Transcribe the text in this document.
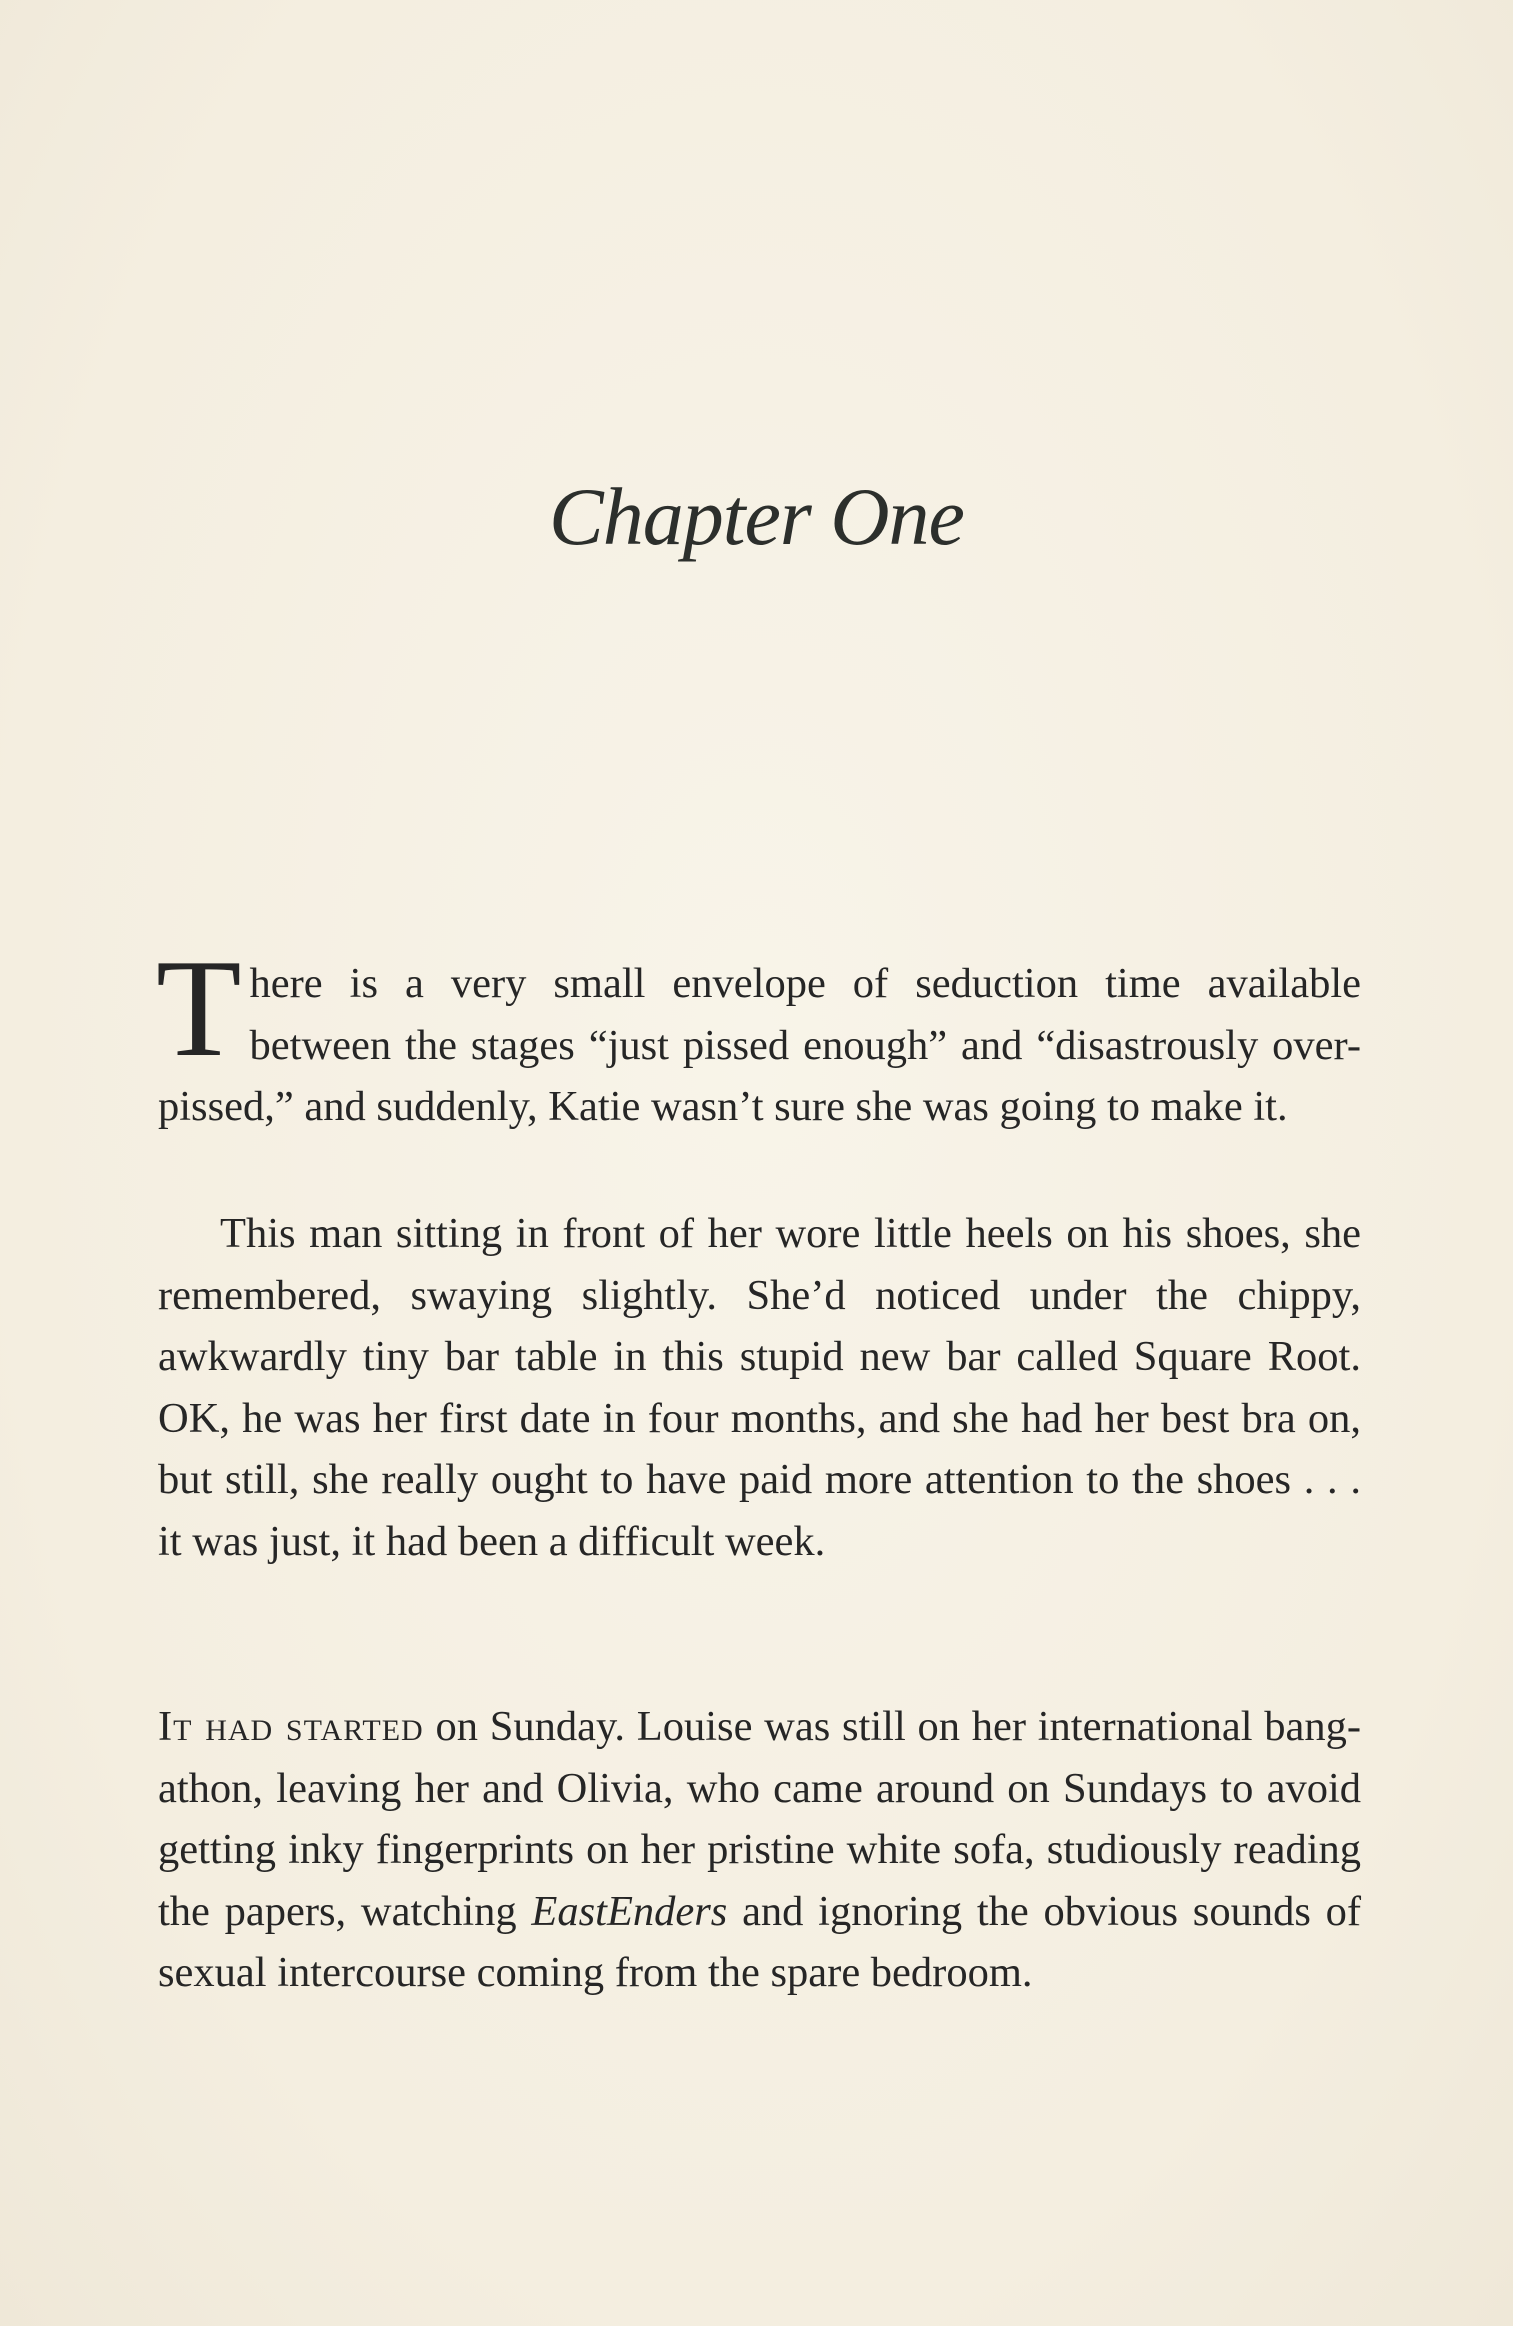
Chapter One

There is a very small envelope of seduction time available between the stages “just pissed enough” and “disastrously over-pissed,” and suddenly, Katie wasn’t sure she was going to make it.

This man sitting in front of her wore little heels on his shoes, she remembered, swaying slightly. She’d noticed under the chippy, awkwardly tiny bar table in this stupid new bar called Square Root. OK, he was her first date in four months, and she had her best bra on, but still, she really ought to have paid more attention to the shoes . . . it was just, it had been a difficult week.

It had started on Sunday. Louise was still on her international bang-athon, leaving her and Olivia, who came around on Sundays to avoid getting inky fingerprints on her pristine white sofa, studiously reading the papers, watching EastEnders and ignoring the obvious sounds of sexual intercourse coming from the spare bedroom.
